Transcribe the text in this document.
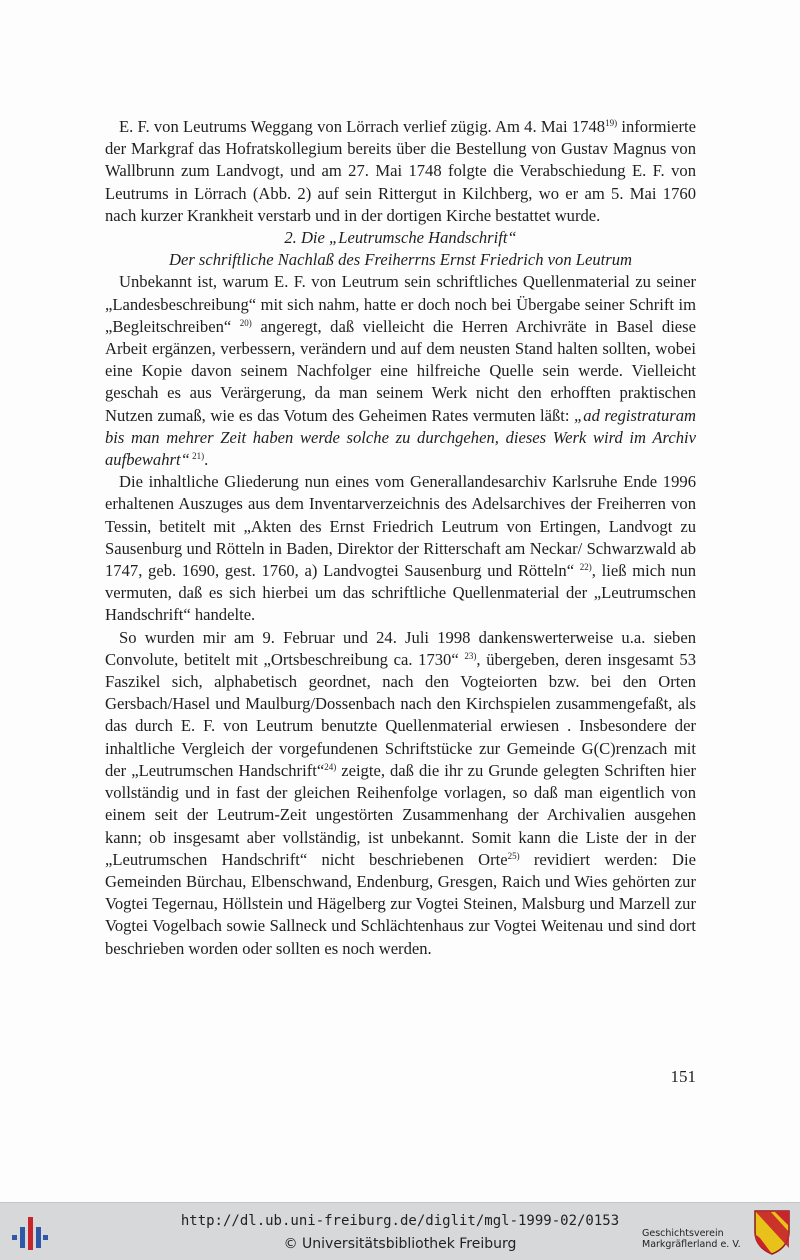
E. F. von Leutrums Weggang von Lörrach verlief zügig. Am 4. Mai 1748$^{19)}$ informierte der Markgraf das Hofratskollegium bereits über die Bestellung von Gustav Magnus von Wallbrunn zum Landvogt, und am 27. Mai 1748 folgte die Verabschiedung E. F. von Leutrums in Lörrach (Abb. 2) auf sein Rittergut in Kilchberg, wo er am 5. Mai 1760 nach kurzer Krankheit verstarb und in der dortigen Kirche bestattet wurde.

2. Die „Leutrumsche Handschrift“

Der schriftliche Nachlaß des Freiherrns Ernst Friedrich von Leutrum

Unbekannt ist, warum E. F. von Leutrum sein schriftliches Quellenmaterial zu seiner „Landesbeschreibung“ mit sich nahm, hatte er doch noch bei Übergabe seiner Schrift im „Begleitschreiben“ $^{20)}$ angeregt, daß vielleicht die Herren Archivräte in Basel diese Arbeit ergänzen, verbessern, verändern und auf dem neusten Stand halten sollten, wobei eine Kopie davon seinem Nachfolger eine hilfreiche Quelle sein werde. Vielleicht geschah es aus Verärgerung, da man seinem Werk nicht den erhofften praktischen Nutzen zumaß, wie es das Votum des Geheimen Rates vermuten läßt: „ad registraturam bis man mehrer Zeit haben werde solche zu durchgehen, dieses Werk wird im Archiv aufbewahrt“ $^{21)}$.

Die inhaltliche Gliederung nun eines vom Generallandesarchiv Karlsruhe Ende 1996 erhaltenen Auszuges aus dem Inventarverzeichnis des Adelsarchives der Freiherren von Tessin, betitelt mit „Akten des Ernst Friedrich Leutrum von Ertingen, Landvogt zu Sausenburg und Rötteln in Baden, Direktor der Ritterschaft am Neckar/ Schwarzwald ab 1747, geb. 1690, gest. 1760, a) Landvogtei Sausenburg und Rötteln“ $^{22)}$, ließ mich nun vermuten, daß es sich hierbei um das schriftliche Quellenmaterial der „Leutrumschen Handschrift“ handelte.

So wurden mir am 9. Februar und 24. Juli 1998 dankenswerterweise u.a. sieben Convolute, betitelt mit „Ortsbeschreibung ca. 1730“ $^{23)}$, übergeben, deren insgesamt 53 Faszikel sich, alphabetisch geordnet, nach den Vogteiorten bzw. bei den Orten Gersbach/Hasel und Maulburg/Dossenbach nach den Kirchspielen zusammengefaßt, als das durch E. F. von Leutrum benutzte Quellenmaterial erwiesen . Insbesondere der inhaltliche Vergleich der vorgefundenen Schriftstücke zur Gemeinde G(C)renzach mit der „Leutrumschen Handschrift“$^{24)}$ zeigte, daß die ihr zu Grunde gelegten Schriften hier vollständig und in fast der gleichen Reihenfolge vorlagen, so daß man eigentlich von einem seit der Leutrum-Zeit ungestörten Zusammenhang der Archivalien ausgehen kann; ob insgesamt aber vollständig, ist unbekannt. Somit kann die Liste der in der „Leutrumschen Handschrift“ nicht beschriebenen Orte$^{25)}$ revidiert werden: Die Gemeinden Bürchau, Elbenschwand, Endenburg, Gresgen, Raich und Wies gehörten zur Vogtei Tegernau, Höllstein und Hägelberg zur Vogtei Steinen, Malsburg und Marzell zur Vogtei Vogelbach sowie Sallneck und Schlächtenhaus zur Vogtei Weitenau und sind dort beschrieben worden oder sollten es noch werden.

151
http://dl.ub.uni-freiburg.de/diglit/mgl-1999-02/0153
© Universitätsbibliothek Freiburg
Geschichtsverein
Markgräflerland e. V.
